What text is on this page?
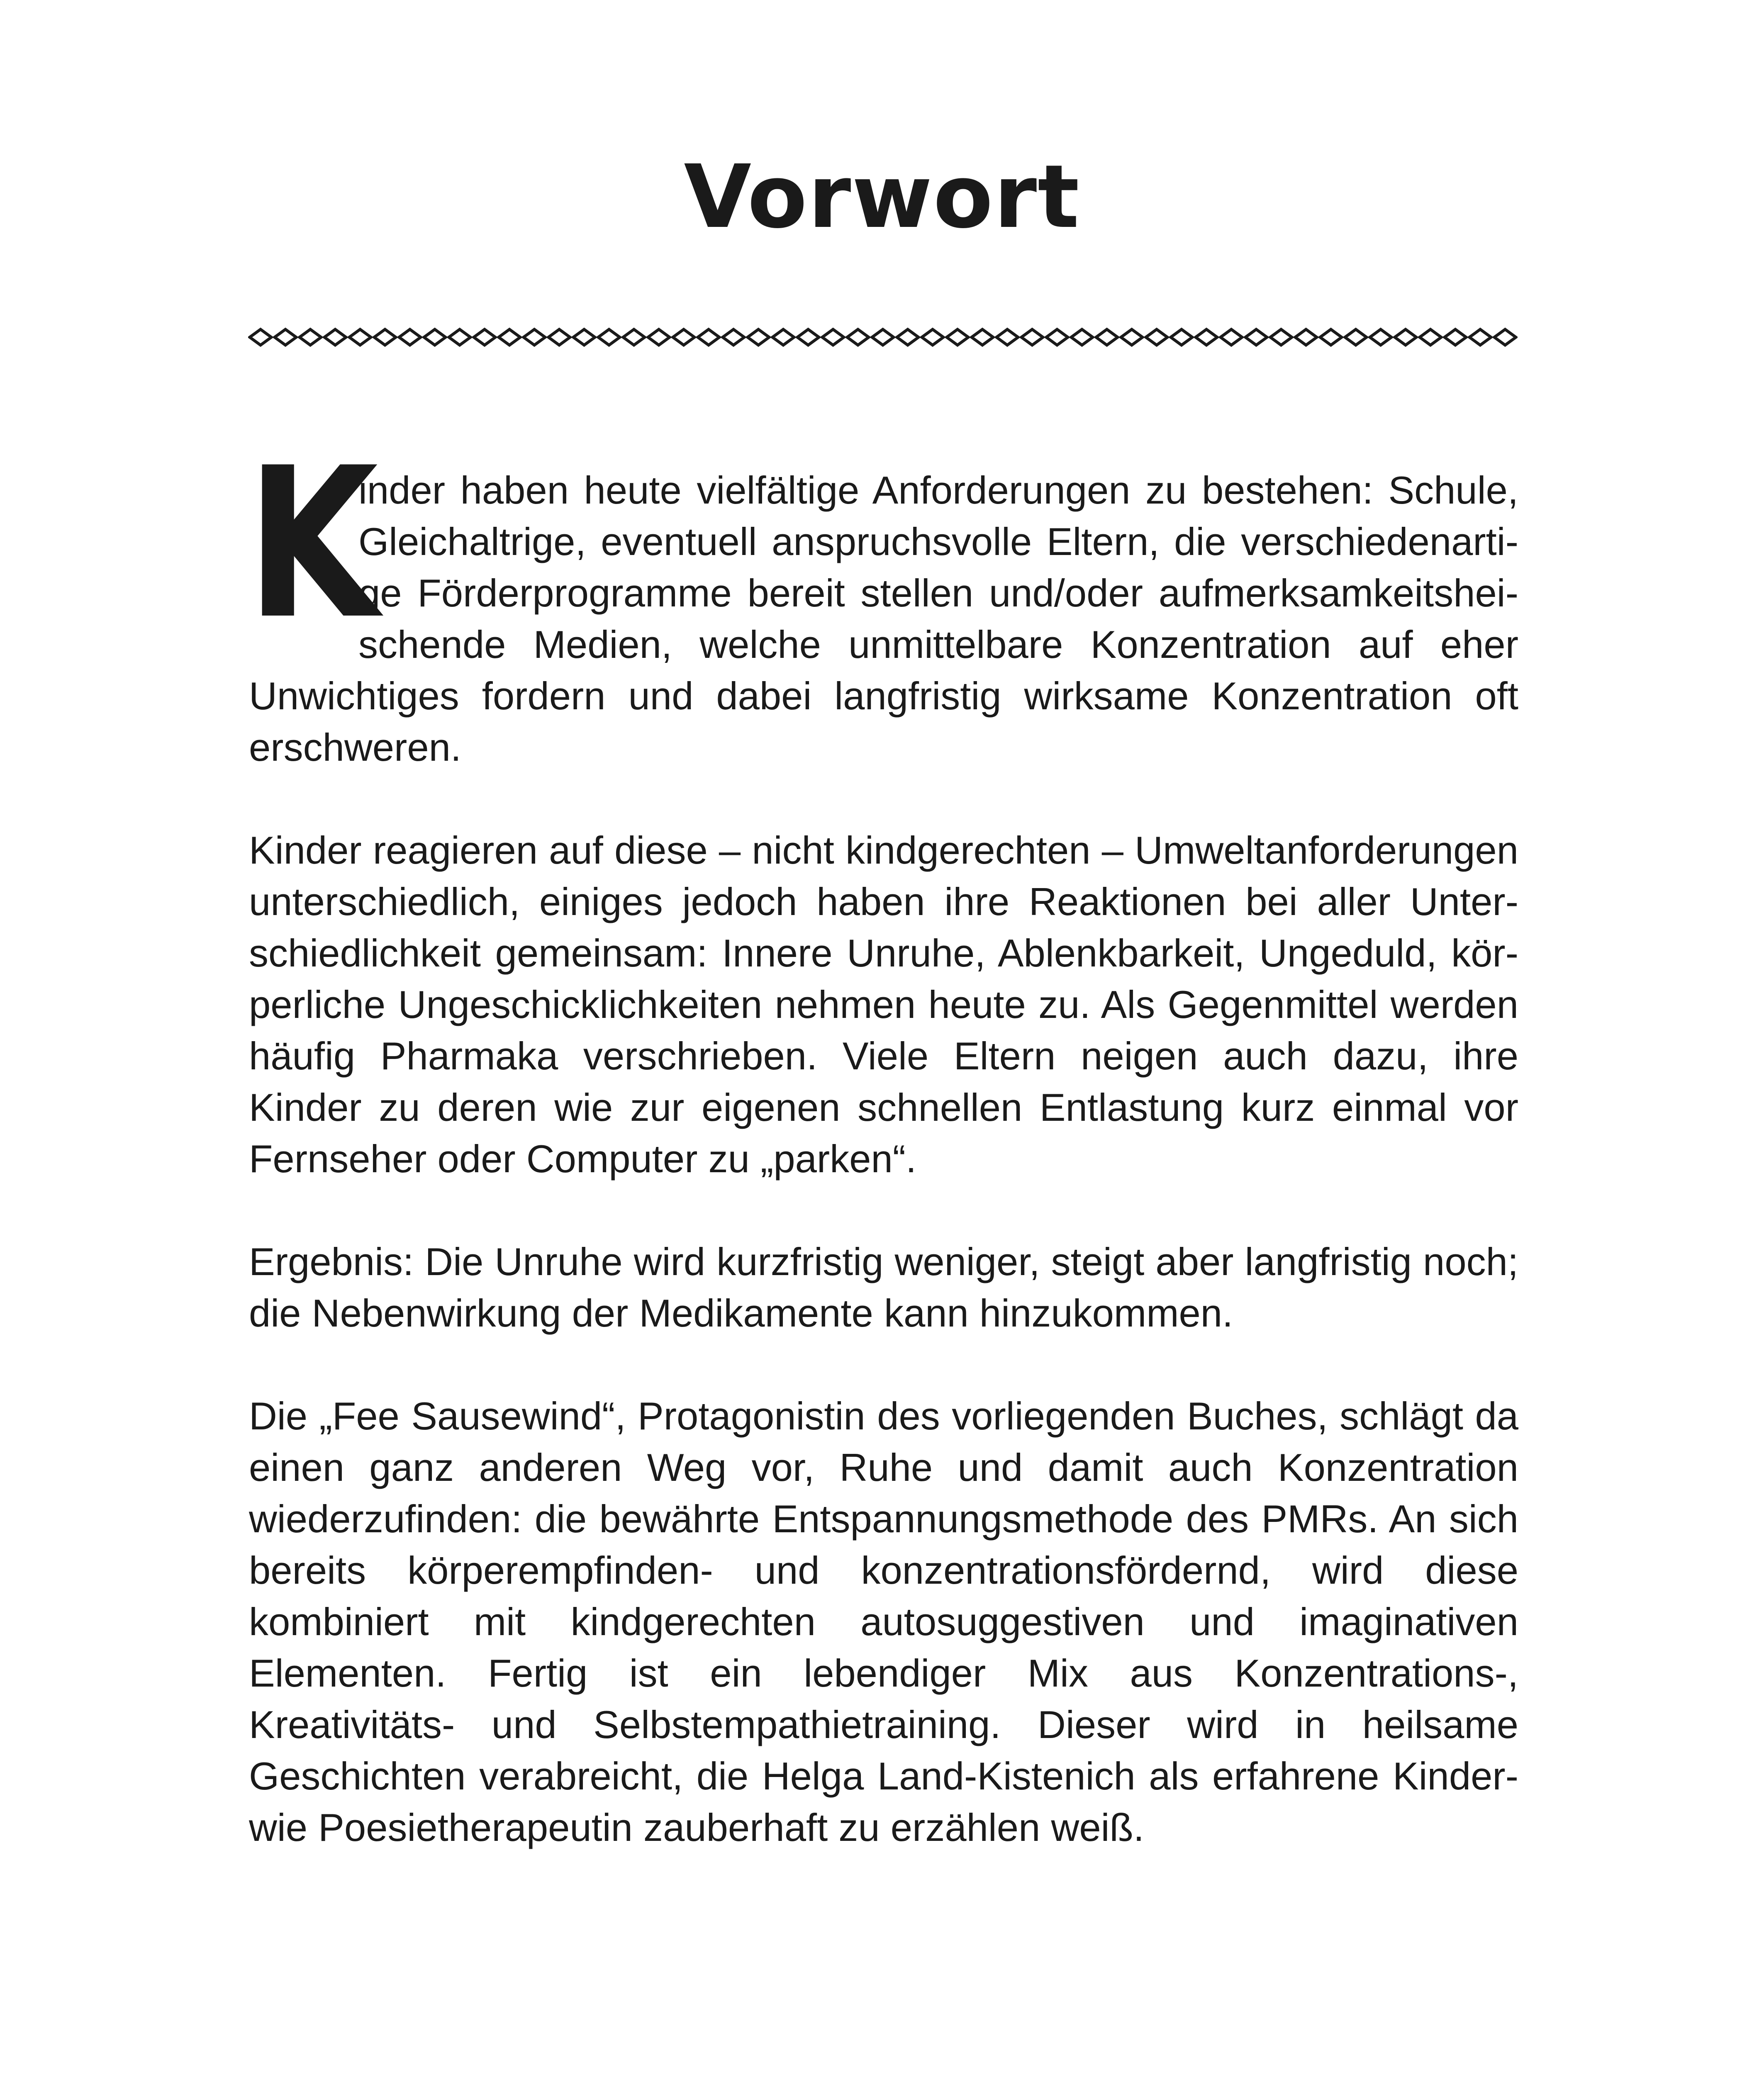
Vorwort

K
inder haben heute vielfältige Anforderungen zu bestehen: Schule, Gleichaltrige, eventuell anspruchsvolle Eltern, die verschiedenartige Förderprogramme bereit stellen und/oder aufmerksamkeitsheischende Medien, welche unmittelbare Konzentration auf eher Unwichtiges fordern und dabei langfristig wirksame Konzentration oft erschweren.

Kinder reagieren auf diese – nicht kindgerechten – Umweltanforderungen unterschiedlich, einiges jedoch haben ihre Reaktionen bei aller Unterschiedlichkeit gemeinsam: Innere Unruhe, Ablenkbarkeit, Ungeduld, körperliche Ungeschicklichkeiten nehmen heute zu. Als Gegenmittel werden häufig Pharmaka verschrieben. Viele Eltern neigen auch dazu, ihre Kinder zu deren wie zur eigenen schnellen Entlastung kurz einmal vor Fernseher oder Computer zu „parken“.

Ergebnis: Die Unruhe wird kurzfristig weniger, steigt aber langfristig noch; die Nebenwirkung der Medikamente kann hinzukommen.

Die „Fee Sausewind“, Protagonistin des vorliegenden Buches, schlägt da einen ganz anderen Weg vor, Ruhe und damit auch Konzentration wiederzufinden: die bewährte Entspannungsmethode des PMRs. An sich bereits körperempfinden- und konzentrationsfördernd, wird diese kombiniert mit kindgerechten autosuggestiven und imaginativen Elementen. Fertig ist ein lebendiger Mix aus Konzentrations-, Kreativitäts- und Selbstempathietraining. Dieser wird in heilsame Geschichten verabreicht, die Helga Land-Kistenich als erfahrene Kinder- wie Poesietherapeutin zauberhaft zu erzählen weiß.
